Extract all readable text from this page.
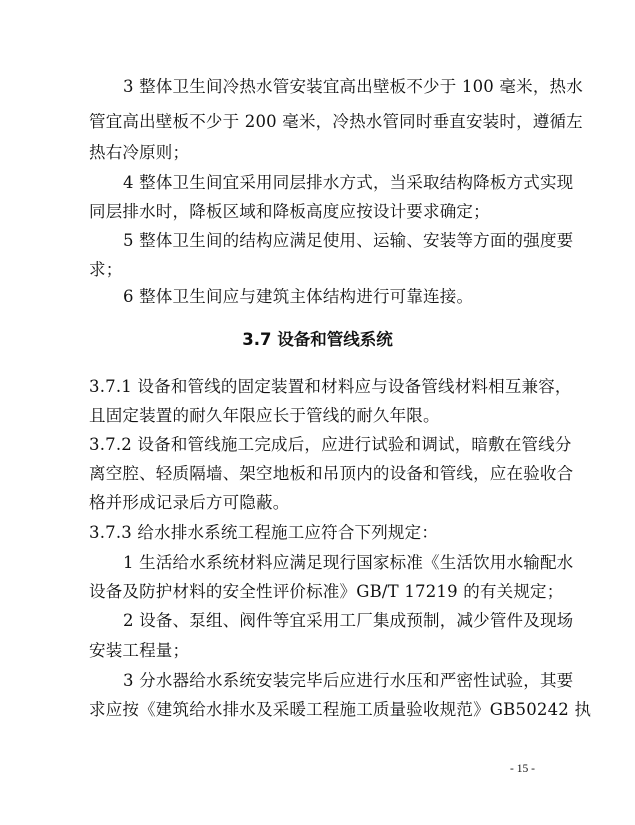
3 整体卫生间冷热水管安装宜高出壁板不少于 100 毫米，热水
管宜高出壁板不少于 200 毫米，冷热水管同时垂直安装时，遵循左
热右冷原则；
4 整体卫生间宜采用同层排水方式，当采取结构降板方式实现
同层排水时，降板区域和降板高度应按设计要求确定；
5 整体卫生间的结构应满足使用、运输、安装等方面的强度要
求；
6 整体卫生间应与建筑主体结构进行可靠连接。
3.7 设备和管线系统
3.7.1 设备和管线的固定装置和材料应与设备管线材料相互兼容，
且固定装置的耐久年限应长于管线的耐久年限。
3.7.2 设备和管线施工完成后，应进行试验和调试，暗敷在管线分
离空腔、轻质隔墙、架空地板和吊顶内的设备和管线，应在验收合
格并形成记录后方可隐蔽。
3.7.3 给水排水系统工程施工应符合下列规定：
1 生活给水系统材料应满足现行国家标准《生活饮用水输配水
设备及防护材料的安全性评价标准》GB/T 17219 的有关规定；
2 设备、泵组、阀件等宜采用工厂集成预制，减少管件及现场
安装工程量；
3 分水器给水系统安装完毕后应进行水压和严密性试验，其要
求应按《建筑给水排水及采暖工程施工质量验收规范》GB50242 执
- 15 -
